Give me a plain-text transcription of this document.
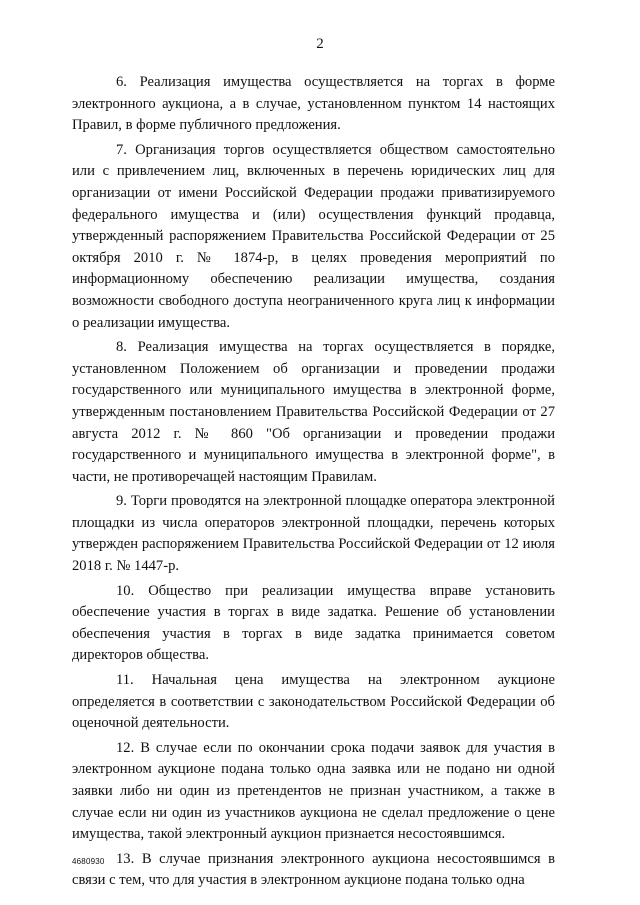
2

6. Реализация имущества осуществляется на торгах в форме электронного аукциона, а в случае, установленном пунктом 14 настоящих Правил, в форме публичного предложения.

7. Организация торгов осуществляется обществом самостоятельно или с привлечением лиц, включенных в перечень юридических лиц для организации от имени Российской Федерации продажи приватизируемого федерального имущества и (или) осуществления функций продавца, утвержденный распоряжением Правительства Российской Федерации от 25 октября 2010 г. № 1874-р, в целях проведения мероприятий по информационному обеспечению реализации имущества, создания возможности свободного доступа неограниченного круга лиц к информации о реализации имущества.

8. Реализация имущества на торгах осуществляется в порядке, установленном Положением об организации и проведении продажи государственного или муниципального имущества в электронной форме, утвержденным постановлением Правительства Российской Федерации от 27 августа 2012 г. № 860 "Об организации и проведении продажи государственного и муниципального имущества в электронной форме", в части, не противоречащей настоящим Правилам.

9. Торги проводятся на электронной площадке оператора электронной площадки из числа операторов электронной площадки, перечень которых утвержден распоряжением Правительства Российской Федерации от 12 июля 2018 г. № 1447-р.

10. Общество при реализации имущества вправе установить обеспечение участия в торгах в виде задатка. Решение об установлении обеспечения участия в торгах в виде задатка принимается советом директоров общества.

11. Начальная цена имущества на электронном аукционе определяется в соответствии с законодательством Российской Федерации об оценочной деятельности.

12. В случае если по окончании срока подачи заявок для участия в электронном аукционе подана только одна заявка или не подано ни одной заявки либо ни один из претендентов не признан участником, а также в случае если ни один из участников аукциона не сделал предложение о цене имущества, такой электронный аукцион признается несостоявшимся.

13. В случае признания электронного аукциона несостоявшимся в связи с тем, что для участия в электронном аукционе подана только одна

4680930
